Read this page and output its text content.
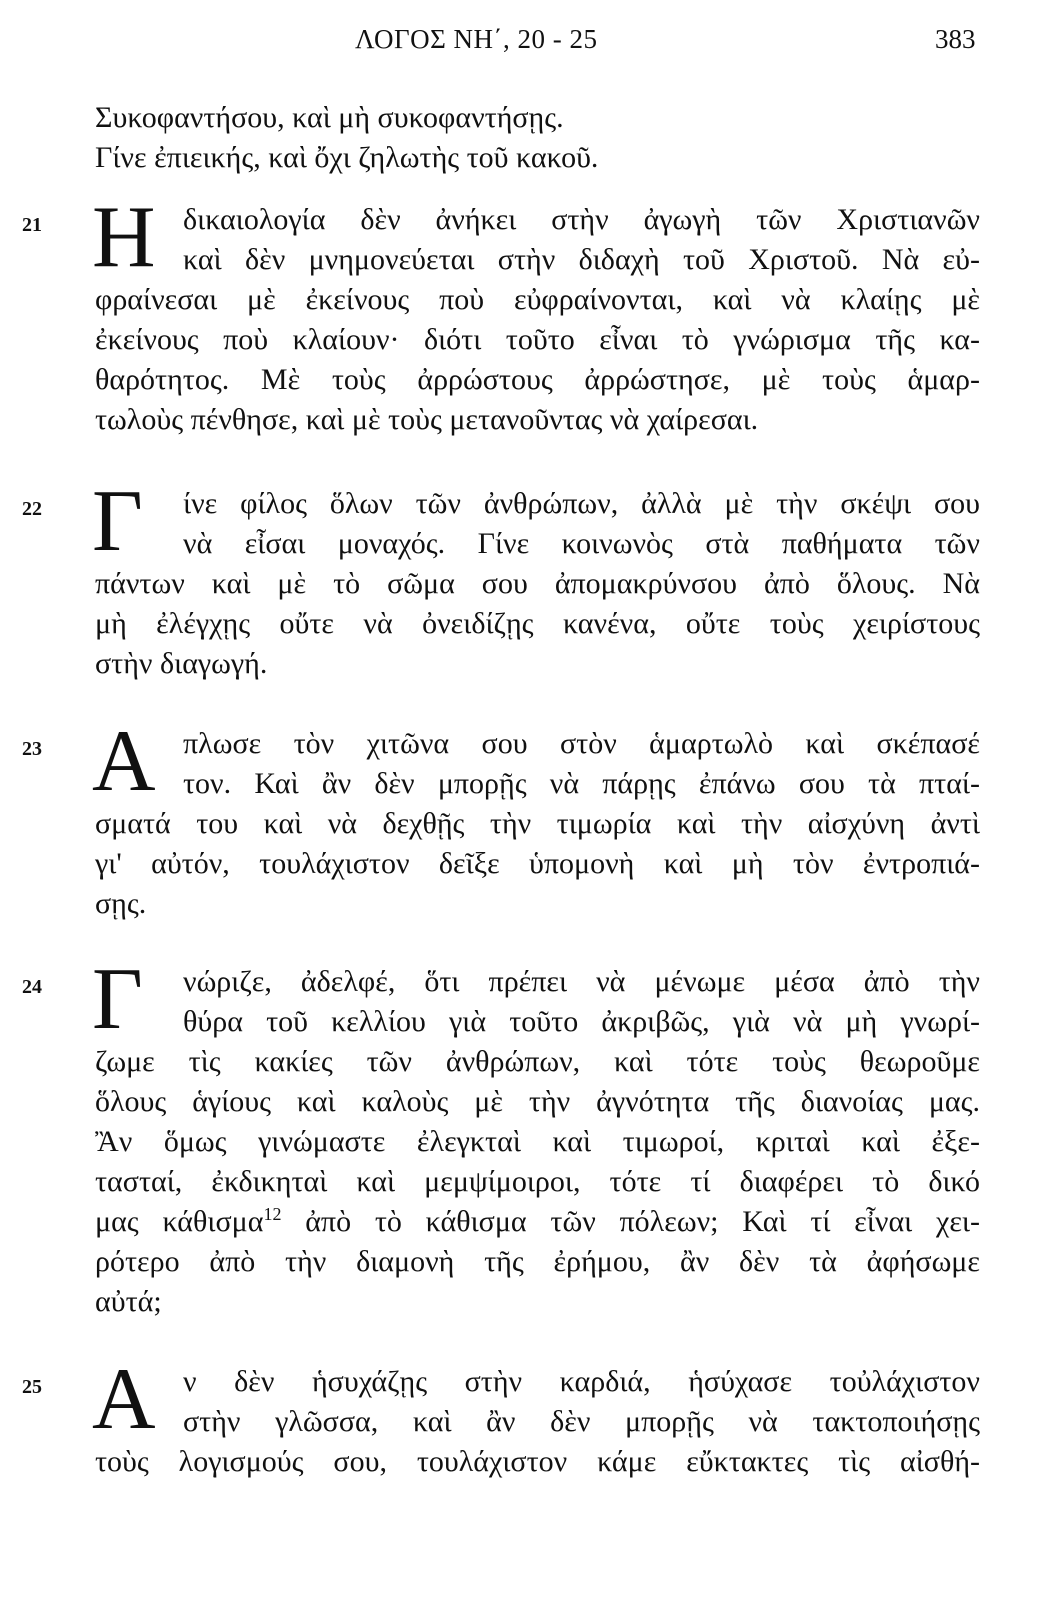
ΛΟΓΟΣ ΝΗ΄, 20 - 25	383
Συκοφαντήσου, καὶ μὴ συκοφαντήσῃς.
Γίνε ἐπιεικής, καὶ ὄχι ζηλωτὴς τοῦ κακοῦ.
21 Η δικαιολογία δὲν ἀνήκει στὴν ἀγωγὴ τῶν Χριστιανῶν
καὶ δὲν μνημονεύεται στὴν διδαχὴ τοῦ Χριστοῦ. Νὰ εὐ-
φραίνεσαι μὲ ἐκείνους ποὺ εὐφραίνονται, καὶ νὰ κλαίῃς μὲ
ἐκείνους ποὺ κλαίουν· διότι τοῦτο εἶναι τὸ γνώρισμα τῆς κα-
θαρότητος. Μὲ τοὺς ἀρρώστους ἀρρώστησε, μὲ τοὺς ἁμαρ-
τωλοὺς πένθησε, καὶ μὲ τοὺς μετανοῦντας νὰ χαίρεσαι.
22 Γ ίνε φίλος ὅλων τῶν ἀνθρώπων, ἀλλὰ μὲ τὴν σκέψι σου
νὰ εἶσαι μοναχός. Γίνε κοινωνὸς στὰ παθήματα τῶν
πάντων καὶ μὲ τὸ σῶμα σου ἀπομακρύνσου ἀπὸ ὅλους. Νὰ
μὴ ἐλέγχῃς οὔτε νὰ ὀνειδίζῃς κανένα, οὔτε τοὺς χειρίστους
στὴν διαγωγή.
23 Α πλωσε τὸν χιτῶνα σου στὸν ἁμαρτωλὸ καὶ σκέπασέ
τον. Καὶ ἂν δὲν μπορῇς νὰ πάρῃς ἐπάνω σου τὰ πταί-
σματά του καὶ νὰ δεχθῇς τὴν τιμωρία καὶ τὴν αἰσχύνη ἀντὶ
γι' αὐτόν, τουλάχιστον δεῖξε ὑπομονὴ καὶ μὴ τὸν ἐντροπιά-
σῃς.
24 Γ νώριζε, ἀδελφέ, ὅτι πρέπει νὰ μένωμε μέσα ἀπὸ τὴν
θύρα τοῦ κελλίου γιὰ τοῦτο ἀκριβῶς, γιὰ νὰ μὴ γνωρί-
ζωμε τὶς κακίες τῶν ἀνθρώπων, καὶ τότε τοὺς θεωροῦμε
ὅλους ἁγίους καὶ καλοὺς μὲ τὴν ἀγνότητα τῆς διανοίας μας.
Ἂν ὅμως γινώμαστε ἐλεγκταὶ καὶ τιμωροί, κριταὶ καὶ ἐξε-
τασταί, ἐκδικηταὶ καὶ μεμψίμοιροι, τότε τί διαφέρει τὸ δικό
μας κάθισμα$^{12}$ ἀπὸ τὸ κάθισμα τῶν πόλεων; Καὶ τί εἶναι χει-
ρότερο ἀπὸ τὴν διαμονὴ τῆς ἐρήμου, ἂν δὲν τὰ ἀφήσωμε
αὐτά;
25 Α ν δὲν ἡσυχάζῃς στὴν καρδιά, ἡσύχασε τοὐλάχιστον
στὴν γλῶσσα, καὶ ἂν δὲν μπορῇς νὰ τακτοποιήσῃς
τοὺς λογισμούς σου, τουλάχιστον κάμε εὔκτακτες τὶς αἰσθή-
